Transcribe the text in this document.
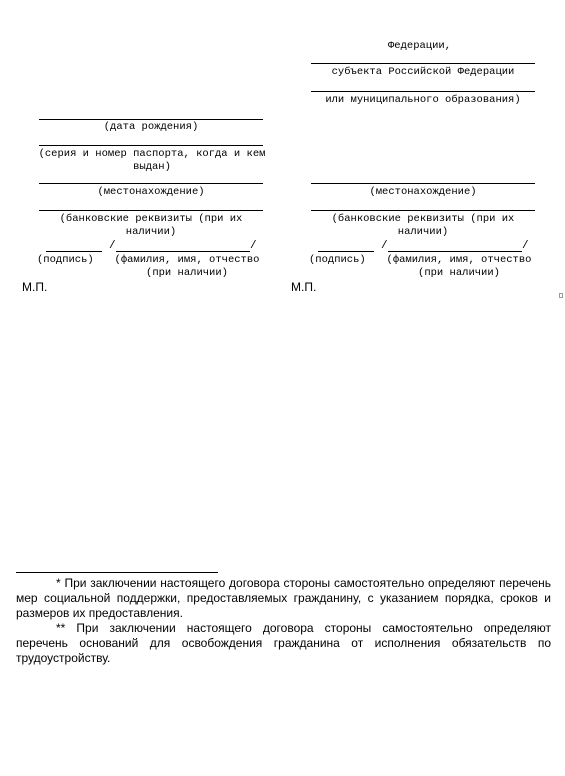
Федерации,
субъекта Российской Федерации
или муниципального образования)
(дата рождения)
(серия и номер паспорта, когда и кем выдан)
(местонахождение)
(банковские реквизиты (при их наличии)
/	/
(подпись)	(фамилия, имя, отчество (при наличии)
М.П.
(местонахождение)
(банковские реквизиты (при их наличии)
/	/
(подпись)	(фамилия, имя, отчество (при наличии)
М.П.

* При заключении настоящего договора стороны самостоятельно определяют перечень мер социальной поддержки, предоставляемых гражданину, с указанием порядка, сроков и размеров их предоставления.

** При заключении настоящего договора стороны самостоятельно определяют перечень оснований для освобождения гражданина от исполнения обязательств по трудоустройству.
